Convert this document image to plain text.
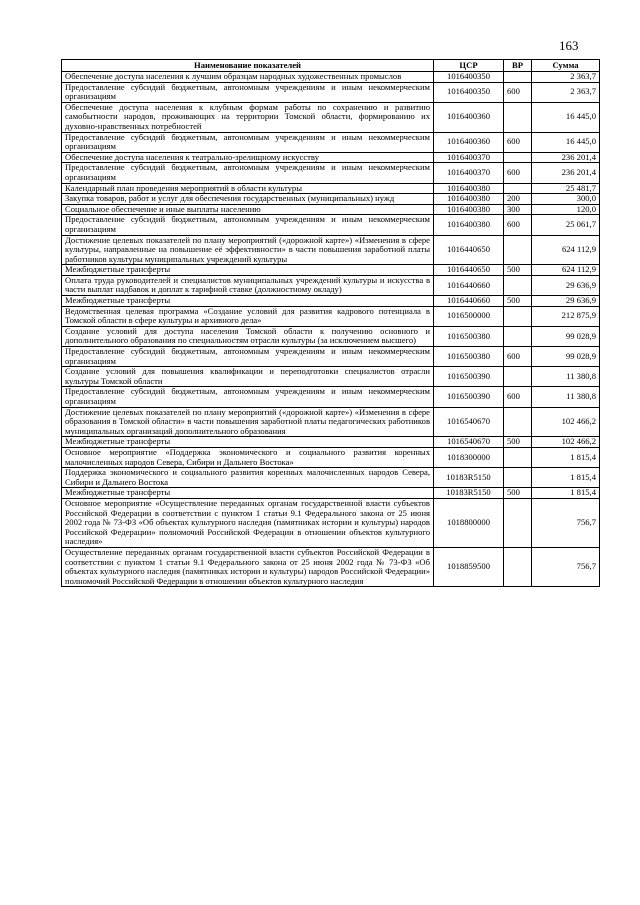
163
Наименование показателей	ЦСР	ВР	Сумма
Обеспечение доступа населения к лучшим образцам народных художественных промыслов	1016400350		2 363,7
Предоставление субсидий бюджетным, автономным учреждениям и иным некоммерческим организациям	1016400350	600	2 363,7
Обеспечение доступа населения к клубным формам работы по сохранению и развитию самобытности народов, проживающих на территории Томской области, формированию их духовно-нравственных потребностей	1016400360		16 445,0
Предоставление субсидий бюджетным, автономным учреждениям и иным некоммерческим организациям	1016400360	600	16 445,0
Обеспечение доступа населения к театрально-зрелищному искусству	1016400370		236 201,4
Предоставление субсидий бюджетным, автономным учреждениям и иным некоммерческим организациям	1016400370	600	236 201,4
Календарный план проведения мероприятий в области культуры	1016400380		25 481,7
Закупка товаров, работ и услуг для обеспечения государственных (муниципальных) нужд	1016400380	200	300,0
Социальное обеспечение и иные выплаты населению	1016400380	300	120,0
Предоставление субсидий бюджетным, автономным учреждениям и иным некоммерческим организациям	1016400380	600	25 061,7
Достижение целевых показателей по плану мероприятий («дорожной карте») «Изменения в сфере культуры, направленные на повышение её эффективности» в части повышения заработной платы работников культуры муниципальных учреждений культуры	1016440650		624 112,9
Межбюджетные трансферты	1016440650	500	624 112,9
Оплата труда руководителей и специалистов муниципальных учреждений культуры и искусства в части выплат надбавок и доплат к тарифной ставке (должностному окладу)	1016440660		29 636,9
Межбюджетные трансферты	1016440660	500	29 636,9
Ведомственная целевая программа «Создание условий для развития кадрового потенциала в Томской области в сфере культуры и архивного дела»	1016500000		212 875,9
Создание условий для доступа населения Томской области к получению основного и дополнительного образования по специальностям отрасли культуры (за исключением высшего)	1016500380		99 028,9
Предоставление субсидий бюджетным, автономным учреждениям и иным некоммерческим организациям	1016500380	600	99 028,9
Создание условий для повышения квалификации и переподготовки специалистов отрасли культуры Томской области	1016500390		11 380,8
Предоставление субсидий бюджетным, автономным учреждениям и иным некоммерческим организациям	1016500390	600	11 380,8
Достижение целевых показателей по плану мероприятий («дорожной карте») «Изменения в сфере образования в Томской области» в части повышения заработной платы педагогических работников муниципальных организаций дополнительного образования	1016540670		102 466,2
Межбюджетные трансферты	1016540670	500	102 466,2
Основное мероприятие «Поддержка экономического и социального развития коренных малочисленных народов Севера, Сибири и Дальнего Востока»	1018300000		1 815,4
Поддержка экономического и социального развития коренных малочисленных народов Севера, Сибири и Дальнего Востока	10183R5150		1 815,4
Межбюджетные трансферты	10183R5150	500	1 815,4
Основное мероприятие «Осуществление переданных органам государственной власти субъектов Российской Федерации в соответствии с пунктом 1 статьи 9.1 Федерального закона от 25 июня 2002 года № 73-ФЗ «Об объектах культурного наследия (памятниках истории и культуры) народов Российской Федерации» полномочий Российской Федерации в отношении объектов культурного наследия»	1018800000		756,7
Осуществление переданных органам государственной власти субъектов Российской Федерации в соответствии с пунктом 1 статьи 9.1 Федерального закона от 25 июня 2002 года № 73-ФЗ «Об объектах культурного наследия (памятниках истории и культуры) народов Российской Федерации» полномочий Российской Федерации в отношении объектов культурного наследия	1018859500		756,7
